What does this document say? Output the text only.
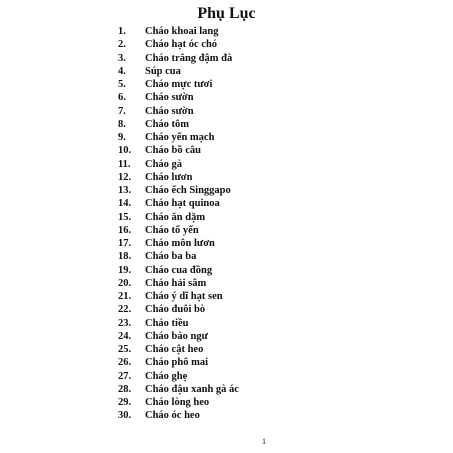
Phụ Lục
1. Cháo khoai lang
2. Cháo hạt óc chó
3. Cháo trắng đậm đà
4. Súp cua
5. Cháo mực tươi
6. Cháo sườn
7. Cháo sườn
8. Cháo tôm
9. Cháo yến mạch
10. Cháo bồ câu
11. Cháo gà
12. Cháo lươn
13. Cháo ếch Singgapo
14. Cháo hạt quinoa
15. Cháo ăn dặm
16. Cháo tổ yến
17. Cháo môn lươn
18. Cháo ba ba
19. Cháo cua đồng
20. Cháo hải sâm
21. Cháo ý dĩ hạt sen
22. Cháo đuôi bò
23. Cháo tiều
24. Cháo bào ngư
25. Cháo cật heo
26. Cháo phô mai
27. Cháo ghẹ
28. Cháo đậu xanh gà ác
29. Cháo lòng heo
30. Cháo óc heo
1
